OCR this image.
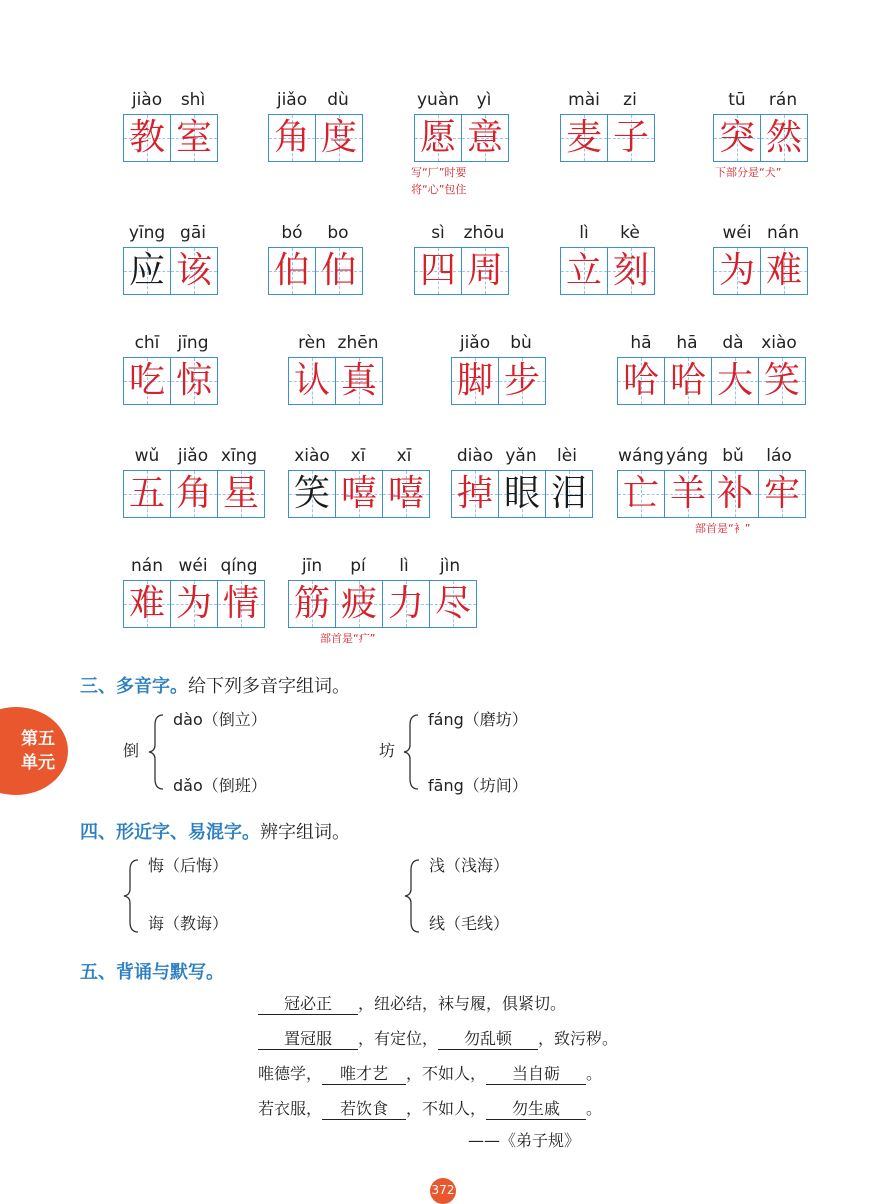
jiào	shì
教 室
jiǎo	dù
角 度
yuàn	yì
愿 意
写“厂”时要
将“心”包住
mài	zi
麦 子
tū	rán
突 然
下部分是“犬”
yīng gāi
应 该
bó	bo
伯 伯
sì	zhōu
四 周
lì	kè
立 刻
wéi nán
为 难
chī	jīng
吃 惊
rèn zhēn
认 真
jiǎo	bù
脚 步
hā	hā	dà	xiào
哈 哈 大 笑
wǔ	jiǎo xīng
五 角 星
xiào	xī	xī
笑 嘻 嘻
diào yǎn	lèi
掉 眼 泪
wáng yáng bǔ	láo
亡 羊 补 牢
部首是“衤”
nán wéi qíng
难 为 情
jīn	pí	lì	jìn
筋 疲 力 尽
部首是“疒”
三、多音字。给下列多音字组词。
第五
单元
倒
dào（倒立）
dǎo（倒班）
坊
fáng（磨坊）
fāng（坊间）
四、形近字、易混字。辨字组词。
悔（后悔）
诲（教诲）
浅（浅海）
线（毛线）
五、背诵与默写。
冠必正 ，纽必结，袜与履，俱紧切。
置冠服 ，有定位， 勿乱顿 ，致污秽。
唯德学， 唯才艺 ，不如人， 当自砺 。
若衣服， 若饮食 ，不如人， 勿生戚 。
——《弟子规》
372
